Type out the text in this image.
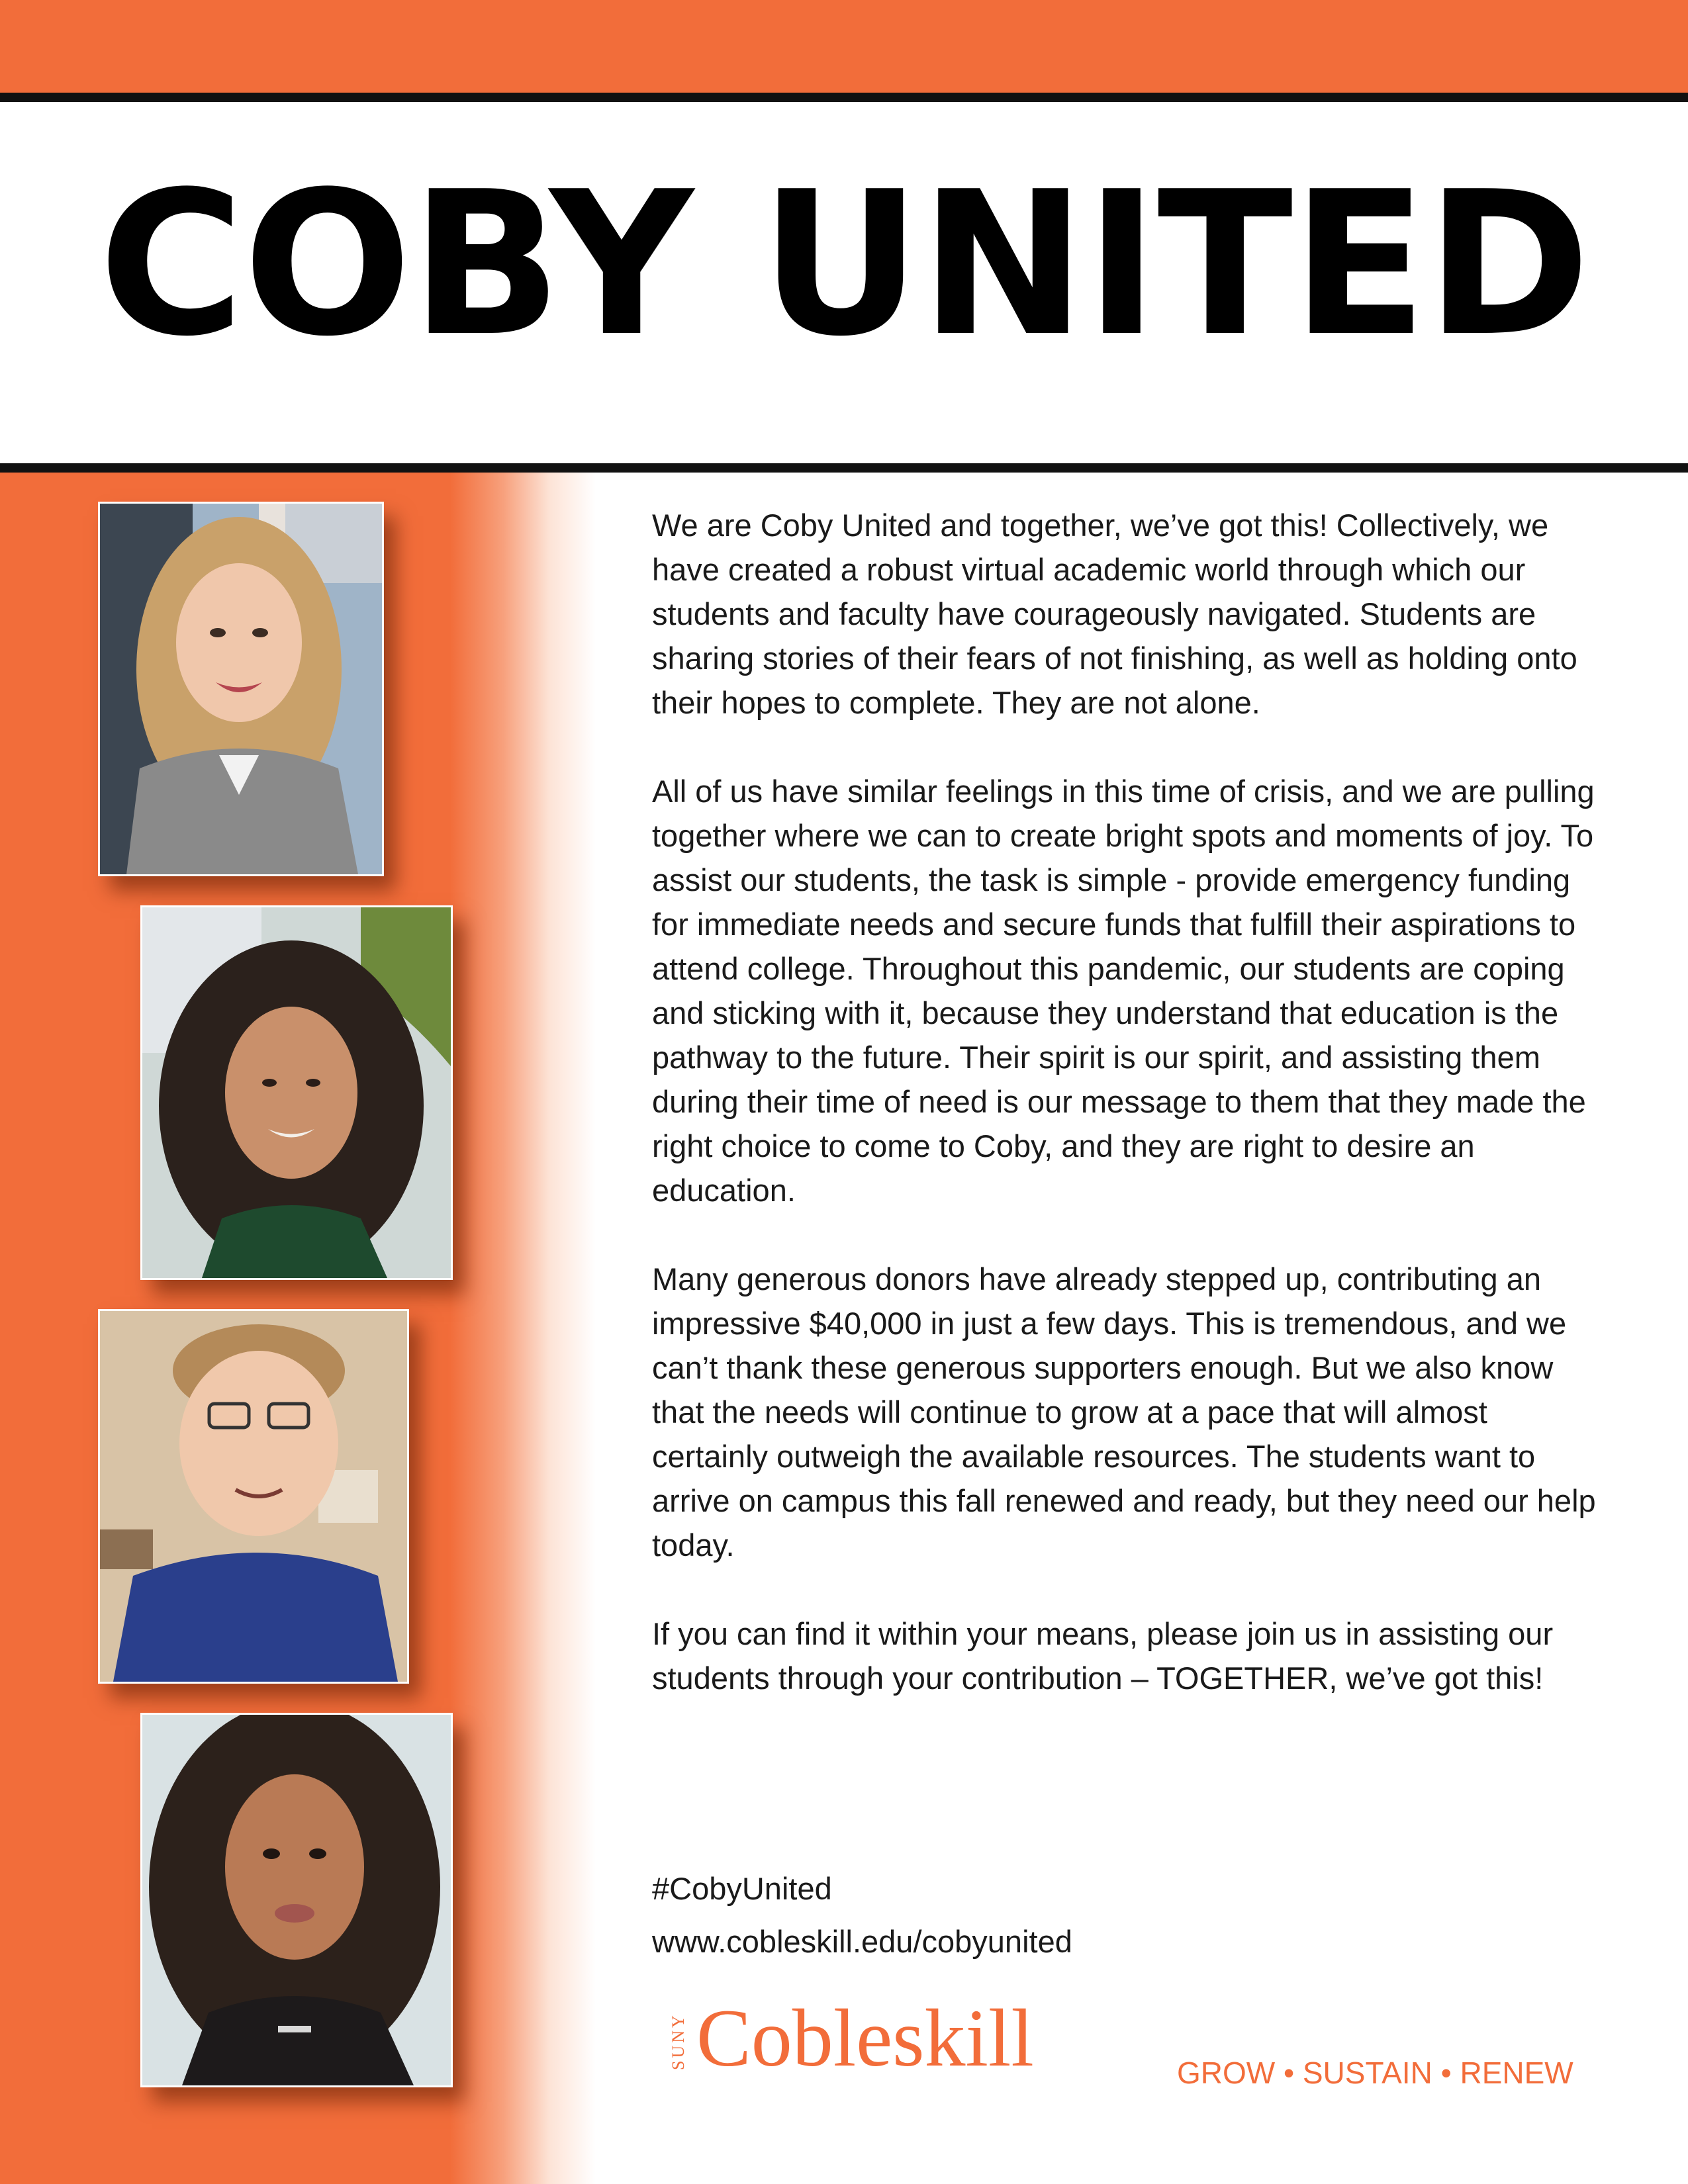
COBY UNITED

We are Coby United and together, we’ve got this! Collectively, we have created a robust virtual academic world through which our students and faculty have courageously navigated. Students are sharing stories of their fears of not finishing, as well as holding onto their hopes to complete. They are not alone.

All of us have similar feelings in this time of crisis, and we are pulling together where we can to create bright spots and moments of joy. To assist our students, the task is simple - provide emergency funding for immediate needs and secure funds that fulfill their aspirations to attend college. Throughout this pandemic, our students are coping and sticking with it, because they understand that education is the pathway to the future. Their spirit is our spirit, and assisting them during their time of need is our message to them that they made the right choice to come to Coby, and they are right to desire an education.

Many generous donors have already stepped up, contributing an impressive $40,000 in just a few days. This is tremendous, and we can’t thank these generous supporters enough. But we also know that the needs will continue to grow at a pace that will almost certainly outweigh the available resources. The students want to arrive on campus this fall renewed and ready, but they need our help today.

If you can find it within your means, please join us in assisting our students through your contribution – TOGETHER, we’ve got this!

#CobyUnited
www.cobleskill.edu/cobyunited
SUNY Cobleskill	GROW • SUSTAIN • RENEW
